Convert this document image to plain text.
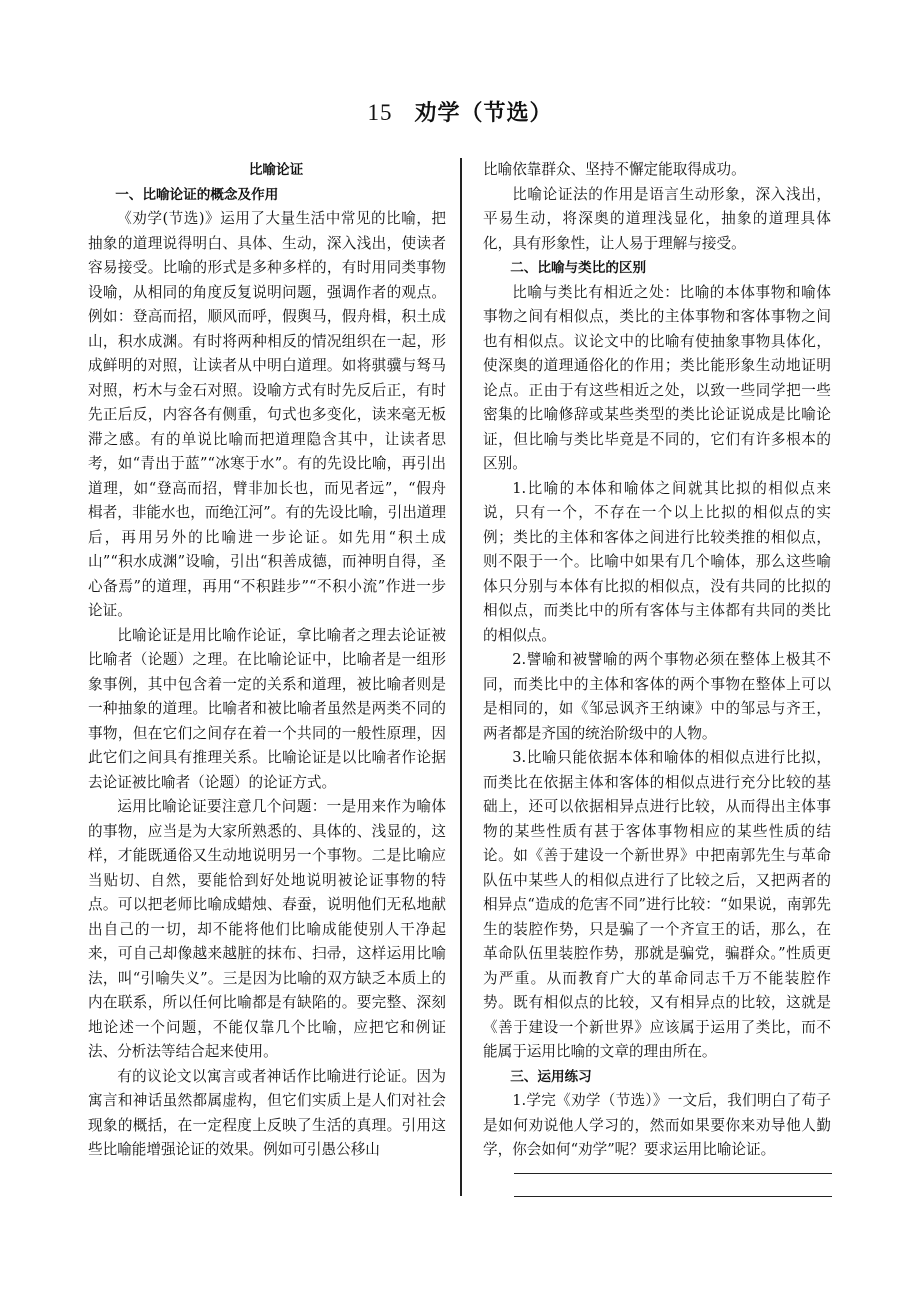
15 劝学（节选）
比喻论证
一、比喻论证的概念及作用

《劝学(节选)》运用了大量生活中常见的比喻，把抽象的道理说得明白、具体、生动，深入浅出，使读者容易接受。比喻的形式是多种多样的，有时用同类事物设喻，从相同的角度反复说明问题，强调作者的观点。例如：登高而招，顺风而呼，假舆马，假舟楫，积土成山，积水成渊。有时将两种相反的情况组织在一起，形成鲜明的对照，让读者从中明白道理。如将骐骥与驽马对照，朽木与金石对照。设喻方式有时先反后正，有时先正后反，内容各有侧重，句式也多变化，读来毫无板滞之感。有的单说比喻而把道理隐含其中，让读者思考，如“青出于蓝”“冰寒于水”。有的先设比喻，再引出道理，如“登高而招，臂非加长也，而见者远”，“假舟楫者，非能水也，而绝江河”。有的先设比喻，引出道理后，再用另外的比喻进一步论证。如先用“积土成山”“积水成渊”设喻，引出“积善成德，而神明自得，圣心备焉”的道理，再用“不积跬步”“不积小流”作进一步论证。

比喻论证是用比喻作论证，拿比喻者之理去论证被比喻者（论题）之理。在比喻论证中，比喻者是一组形象事例，其中包含着一定的关系和道理，被比喻者则是一种抽象的道理。比喻者和被比喻者虽然是两类不同的事物，但在它们之间存在着一个共同的一般性原理，因此它们之间具有推理关系。比喻论证是以比喻者作论据去论证被比喻者（论题）的论证方式。

运用比喻论证要注意几个问题：一是用来作为喻体的事物，应当是为大家所熟悉的、具体的、浅显的，这样，才能既通俗又生动地说明另一个事物。二是比喻应当贴切、自然，要能恰到好处地说明被论证事物的特点。可以把老师比喻成蜡烛、春蚕，说明他们无私地献出自己的一切，却不能将他们比喻成能使别人干净起来，可自己却像越来越脏的抹布、扫帚，这样运用比喻法，叫“引喻失义”。三是因为比喻的双方缺乏本质上的内在联系，所以任何比喻都是有缺陷的。要完整、深刻地论述一个问题，不能仅靠几个比喻，应把它和例证法、分析法等结合起来使用。

有的议论文以寓言或者神话作比喻进行论证。因为寓言和神话虽然都属虚构，但它们实质上是人们对社会现象的概括，在一定程度上反映了生活的真理。引用这些比喻能增强论证的效果。例如可引愚公移山

比喻依靠群众、坚持不懈定能取得成功。

比喻论证法的作用是语言生动形象，深入浅出，平易生动，将深奥的道理浅显化，抽象的道理具体化，具有形象性，让人易于理解与接受。

二、比喻与类比的区别

比喻与类比有相近之处：比喻的本体事物和喻体事物之间有相似点，类比的主体事物和客体事物之间也有相似点。议论文中的比喻有使抽象事物具体化，使深奥的道理通俗化的作用；类比能形象生动地证明论点。正由于有这些相近之处，以致一些同学把一些密集的比喻修辞或某些类型的类比论证说成是比喻论证，但比喻与类比毕竟是不同的，它们有许多根本的区别。

1.比喻的本体和喻体之间就其比拟的相似点来说，只有一个，不存在一个以上比拟的相似点的实例；类比的主体和客体之间进行比较类推的相似点，则不限于一个。比喻中如果有几个喻体，那么这些喻体只分别与本体有比拟的相似点，没有共同的比拟的相似点，而类比中的所有客体与主体都有共同的类比的相似点。

2.譬喻和被譬喻的两个事物必须在整体上极其不同，而类比中的主体和客体的两个事物在整体上可以是相同的，如《邹忌讽齐王纳谏》中的邹忌与齐王，两者都是齐国的统治阶级中的人物。

3.比喻只能依据本体和喻体的相似点进行比拟，而类比在依据主体和客体的相似点进行充分比较的基础上，还可以依据相异点进行比较，从而得出主体事物的某些性质有甚于客体事物相应的某些性质的结论。如《善于建设一个新世界》中把南郭先生与革命队伍中某些人的相似点进行了比较之后，又把两者的相异点“造成的危害不同”进行比较：“如果说，南郭先生的装腔作势，只是骗了一个齐宣王的话，那么，在革命队伍里装腔作势，那就是骗党，骗群众。”性质更为严重。从而教育广大的革命同志千万不能装腔作势。既有相似点的比较，又有相异点的比较，这就是《善于建设一个新世界》应该属于运用了类比，而不能属于运用比喻的文章的理由所在。

三、运用练习

1.学完《劝学（节选）》一文后，我们明白了荀子是如何劝说他人学习的，然而如果要你来劝导他人勤学，你会如何“劝学”呢？要求运用比喻论证。
